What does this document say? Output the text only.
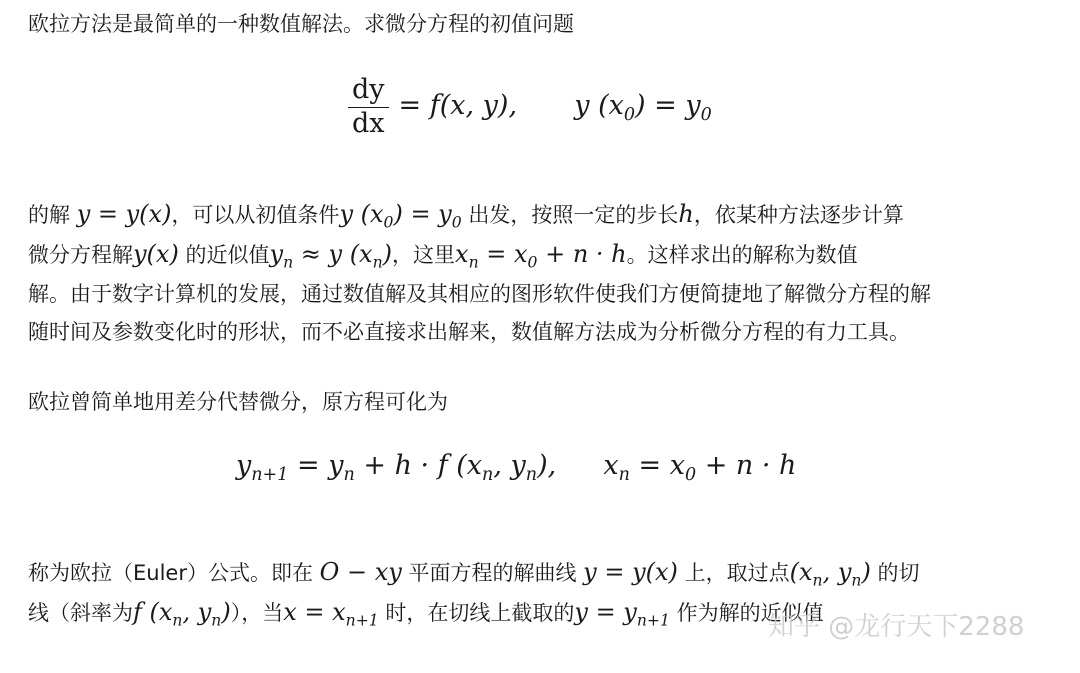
欧拉方法是最简单的一种数值解法。求微分方程的初值问题
$\frac{dy}{dx} = f(x$, y), y $(x_0) = y_0$
的解 y = y(x)，可以从初值条件y $(x_0) = y_0$ 出发，按照一定的步长h，依某种方法逐步计算
微分方程解y(x) 的近似值$y_n \approx y$ $(x_n)$，这里$x_n = x_0 + n \cdot h$。这样求出的解称为数值
解。由于数字计算机的发展，通过数值解及其相应的图形软件使我们方便简捷地了解微分方程的解
随时间及参数变化时的形状，而不必直接求出解来，数值解方法成为分析微分方程的有力工具。
欧拉曾简单地用差分代替微分，原方程可化为
$y_{n+1} = y_n + h \cdot f$ ($x_n$, $y_n$), $x_n = x_0 + n \cdot h$
称为欧拉（Euler）公式。即在 O − xy 平面方程的解曲线 y = y(x) 上，取过点($x_n$, $y_n$) 的切
线（斜率为f ($x_n$, $y_n$)），当$x = x_{n+1}$ 时，在切线上截取的$y = y_{n+1}$ 作为解的近似值
知乎 @龙行天下2288
